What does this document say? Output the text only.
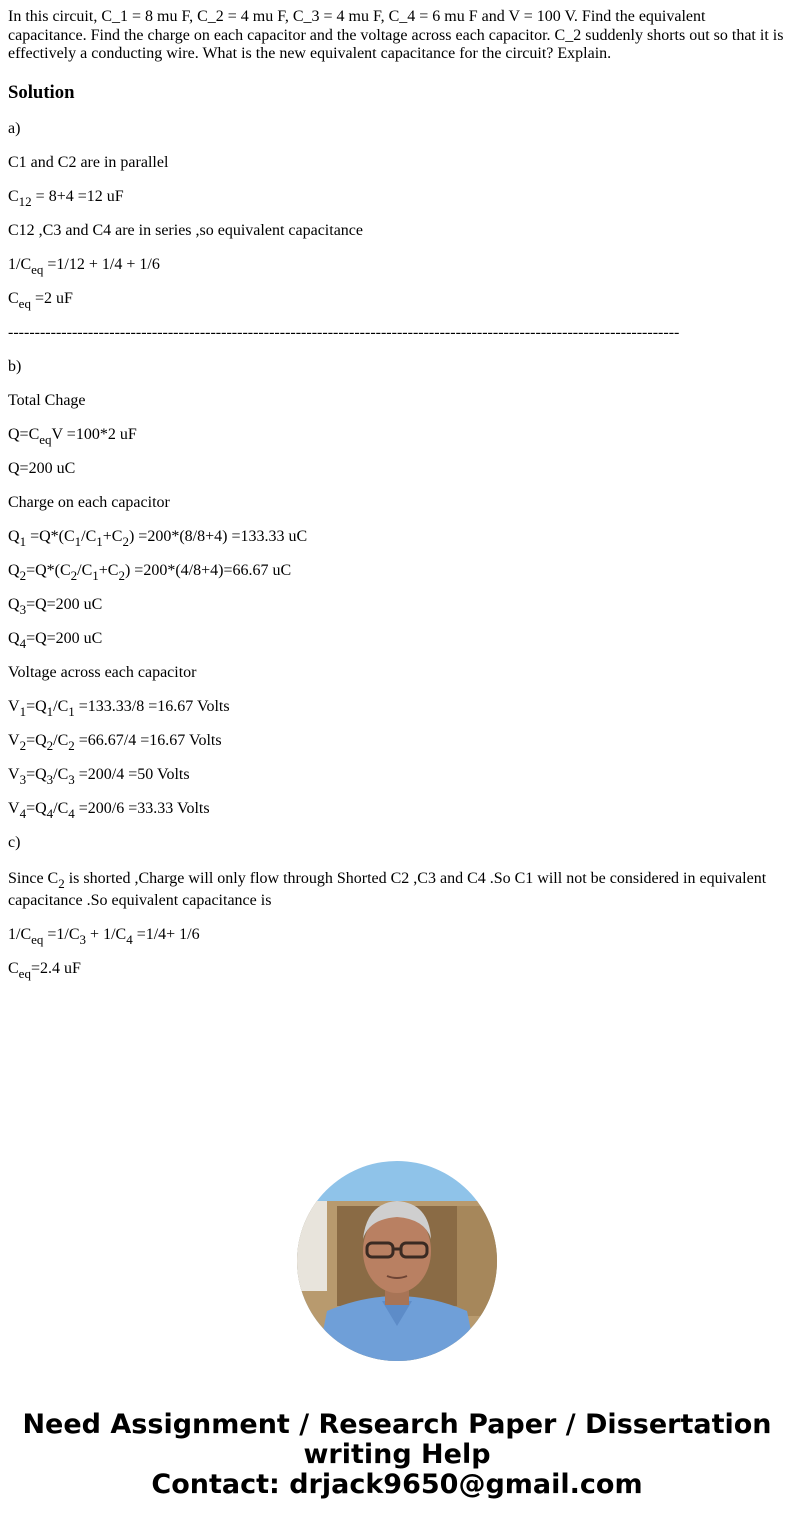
In this circuit, C_1 = 8 mu F, C_2 = 4 mu F, C_3 = 4 mu F, C_4 = 6 mu F and V = 100 V. Find the equivalent capacitance. Find the charge on each capacitor and the voltage across each capacitor. C_2 suddenly shorts out so that it is effectively a conducting wire. What is the new equivalent capacitance for the circuit? Explain.

Solution

a)

C1 and C2 are in parallel

$C_{12} = 8+4 =12$ uF

C12 ,C3 and C4 are in series ,so equivalent capacitance

$1/C_{eq} =1/12 + 1/4 + 1/6$

$C_{eq} =2$ uF

------------------------------------------------------------------------------------------------------------------------------

b)

Total Chage

$Q=C_{eq}V =100*2$ uF

Q=200 uC

Charge on each capacitor

$Q_1 =Q*(C_1/C_1+C_2) =200*(8/8+4) =133.33$ uC

$Q_2=Q*(C_2/C_1+C_2) =200*(4/8+4)=66.67$ uC

$Q_3=Q=200$ uC

$Q_4=Q=200$ uC

Voltage across each capacitor

$V_1=Q_1/C_1 =133.33/8 =16.67$ Volts

$V_2=Q_2/C_2 =66.67/4 =16.67$ Volts

$V_3=Q_3/C_3 =200/4 =50$ Volts

$V_4=Q_4/C_4 =200/6 =33.33$ Volts

c)

Since $C_2$ is shorted ,Charge will only flow through Shorted C2 ,C3 and C4 .So C1 will not be considered in equivalent capacitance .So equivalent capacitance is

$1/C_{eq} =1/C_3 + 1/C_4 =1/4+ 1/6$

$C_{eq}=2.4$ uF

Need Assignment / Research Paper / Dissertation
writing Help
Contact: drjack9650@gmail.com
